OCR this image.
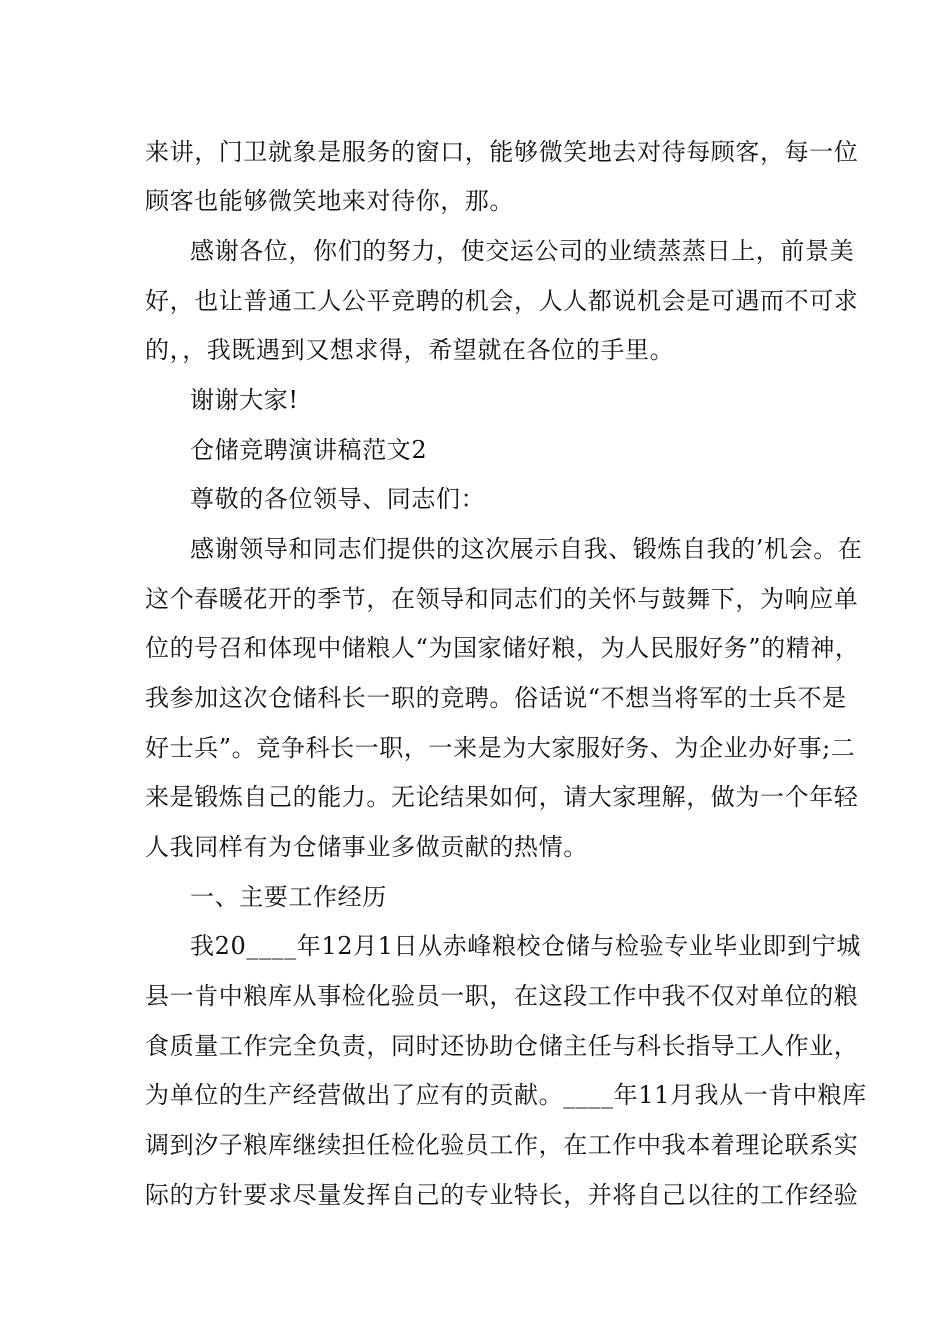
来讲，门卫就象是服务的窗口，能够微笑地去对待每顾客，每一位
顾客也能够微笑地来对待你，那。
感谢各位，你们的努力，使交运公司的业绩蒸蒸日上，前景美
好，也让普通工人公平竞聘的机会，人人都说机会是可遇而不可求
的，，我既遇到又想求得，希望就在各位的手里。
谢谢大家!
仓储竞聘演讲稿范文2
尊敬的各位领导、同志们：
感谢领导和同志们提供的这次展示自我、锻炼自我的’机会。在
这个春暖花开的季节，在领导和同志们的关怀与鼓舞下，为响应单
位的号召和体现中储粮人“为国家储好粮，为人民服好务”的精神，
我参加这次仓储科长一职的竞聘。俗话说“不想当将军的士兵不是
好士兵”。竞争科长一职，一来是为大家服好务、为企业办好事;二
来是锻炼自己的能力。无论结果如何，请大家理解，做为一个年轻
人我同样有为仓储事业多做贡献的热情。
一、主要工作经历
我20____年12月1日从赤峰粮校仓储与检验专业毕业即到宁城
县一肯中粮库从事检化验员一职，在这段工作中我不仅对单位的粮
食质量工作完全负责，同时还协助仓储主任与科长指导工人作业，
为单位的生产经营做出了应有的贡献。____年11月我从一肯中粮库
调到汐子粮库继续担任检化验员工作，在工作中我本着理论联系实
际的方针要求尽量发挥自己的专业特长，并将自己以往的工作经验
